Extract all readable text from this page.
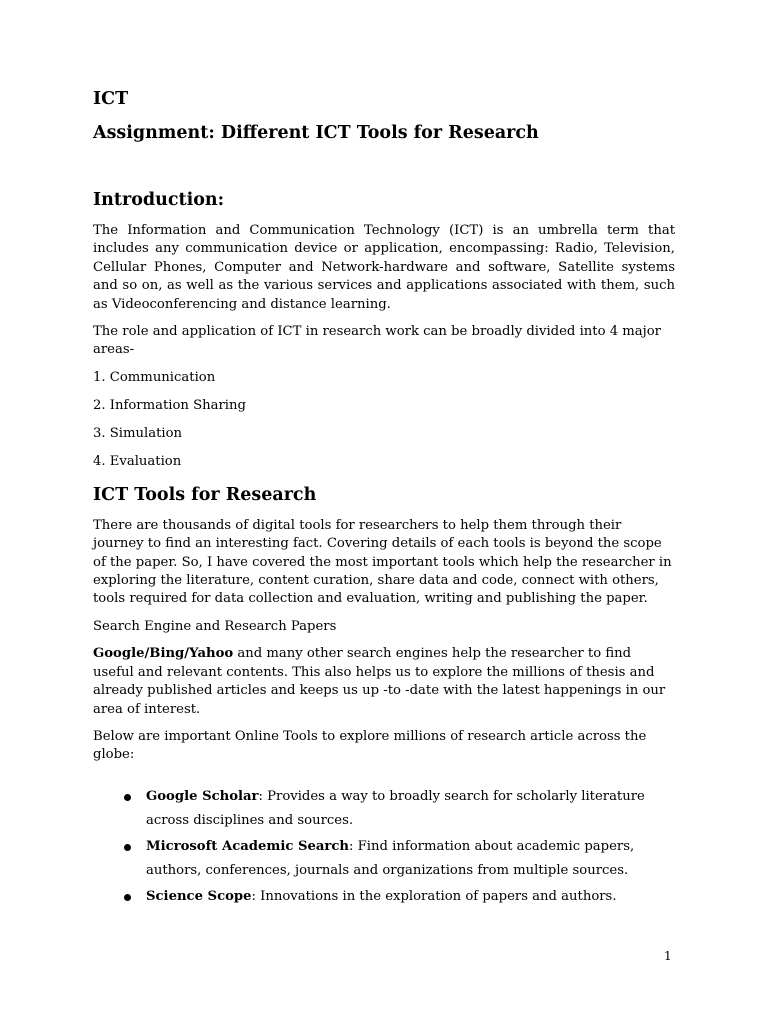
ICT
Assignment: Different ICT Tools for Research
Introduction:

The Information and Communication Technology (ICT) is an umbrella term that includes any communication device or application, encompassing: Radio, Television, Cellular Phones, Computer and Network-hardware and software, Satellite systems and so on, as well as the various services and applications associated with them, such as Videoconferencing and distance learning.

The role and application of ICT in research work can be broadly divided into 4 major areas-

1. Communication
2. Information Sharing
3. Simulation
4. Evaluation
ICT Tools for Research

There are thousands of digital tools for researchers to help them through their journey to find an interesting fact. Covering details of each tools is beyond the scope of the paper. So, I have covered the most important tools which help the researcher in exploring the literature, content curation, share data and code, connect with others, tools required for data collection and evaluation, writing and publishing the paper.

Search Engine and Research Papers

Google/Bing/Yahoo and many other search engines help the researcher to find useful and relevant contents. This also helps us to explore the millions of thesis and already published articles and keeps us up -to -date with the latest happenings in our area of interest.

Below are important Online Tools to explore millions of research article across the globe:

Google Scholar: Provides a way to broadly search for scholarly literature across disciplines and sources.
Microsoft Academic Search: Find information about academic papers, authors, conferences, journals and organizations from multiple sources.
Science Scope: Innovations in the exploration of papers and authors.
1
